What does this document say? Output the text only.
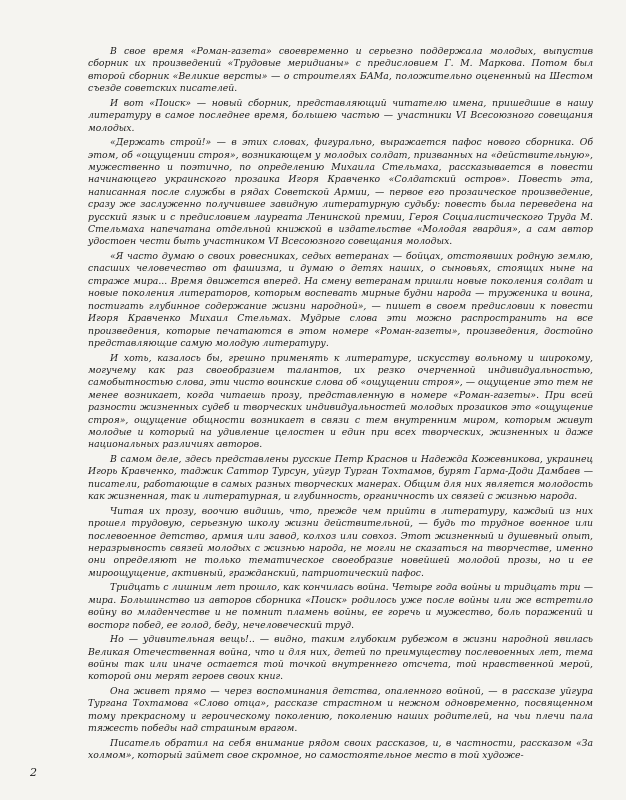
В свое время «Роман-газета» своевременно и серьезно поддержала молодых, выпустив сборник их произведений «Трудовые меридианы» с предисловием Г. М. Маркова. Потом был второй сборник «Великие версты» — о строителях БАМа, положительно оцененный на Шестом съезде советских писателей.

И вот «Поиск» — новый сборник, представляющий читателю имена, пришедшие в нашу литературу в самое последнее время, большею частью — участники VI Всесоюзного совещания молодых.

«Держать строй!» — в этих словах, фигурально, выражается пафос нового сборника. Об этом, об «ощущении строя», возникающем у молодых солдат, призванных на «действительную», мужественно и поэтично, по определению Михаила Стельмаха, рассказывается в повести начинающего украинского прозаика Игоря Кравченко «Солдатский остров». Повесть эта, написанная после службы в рядах Советской Армии, — первое его прозаическое произведение, сразу же заслуженно получившее завидную литературную судьбу: повесть была переведена на русский язык и с предисловием лауреата Ленинской премии, Героя Социалистического Труда М. Стельмаха напечатана отдельной книжкой в издательстве «Молодая гвардия», а сам автор удостоен чести быть участником VI Всесоюзного совещания молодых.

«Я часто думаю о своих ровесниках, седых ветеранах — бойцах, отстоявших родную землю, спасших человечество от фашизма, и думаю о детях наших, о сыновьях, стоящих ныне на страже мира... Время движется вперед. На смену ветеранам пришли новые поколения солдат и новые поколения литераторов, которым воспевать мирные будни народа — труженика и воина, постигать глубинное содержание жизни народной», — пишет в своем предисловии к повести Игоря Кравченко Михаил Стельмах. Мудрые слова эти можно распространить на все произведения, которые печатаются в этом номере «Роман-газеты», произведения, достойно представляющие самую молодую литературу.

И хоть, казалось бы, грешно применять к литературе, искусству вольному и широкому, могучему как раз своеобразием талантов, их резко очерченной индивидуальностью, самобытностью слова, эти чисто воинские слова об «ощущении строя», — ощущение это тем не менее возникает, когда читаешь прозу, представленную в номере «Роман-газеты». При всей разности жизненных судеб и творческих индивидуальностей молодых прозаиков это «ощущение строя», ощущение общности возникает в связи с тем внутренним миром, которым живут молодые и который на удивление целостен и един при всех творческих, жизненных и даже национальных различиях авторов.

В самом деле, здесь представлены русские Петр Краснов и Надежда Кожевникова, украинец Игорь Кравченко, таджик Саттор Турсун, уйгур Турган Тохтамов, бурят Гарма-Доди Дамбаев — писатели, работающие в самых разных творческих манерах. Общим для них является молодость как жизненная, так и литературная, и глубинность, органичность их связей с жизнью народа.

Читая их прозу, воочию видишь, что, прежде чем прийти в литературу, каждый из них прошел трудовую, серьезную школу жизни действительной, — будь то трудное военное или послевоенное детство, армия или завод, колхоз или совхоз. Этот жизненный и душевный опыт, неразрывность связей молодых с жизнью народа, не могли не сказаться на творчестве, именно они определяют не только тематическое своеобразие новейшей молодой прозы, но и ее мироощущение, активный, гражданский, патриотический пафос.

Тридцать с лишним лет прошло, как кончилась война. Четыре года войны и тридцать три — мира. Большинство из авторов сборника «Поиск» родилось уже после войны или же встретило войну во младенчестве и не помнит пламень войны, ее горечь и мужество, боль поражений и восторг побед, ее голод, беду, нечеловеческий труд.

Но — удивительная вещь!.. — видно, таким глубоким рубежом в жизни народной явилась Великая Отечественная война, что и для них, детей по преимуществу послевоенных лет, тема войны так или иначе остается той точкой внутреннего отсчета, той нравственной мерой, которой они мерят героев своих книг.

Она живет прямо — через воспоминания детства, опаленного войной, — в рассказе уйгура Тургана Тохтамова «Слово отца», рассказе страстном и нежном одновременно, посвященном тому прекрасному и героическому поколению, поколению наших родителей, на чьи плечи пала тяжесть победы над страшным врагом.

Писатель обратил на себя внимание рядом своих рассказов, и, в частности, рассказом «За холмом», который займет свое скромное, но самостоятельное место в той художе-

2
